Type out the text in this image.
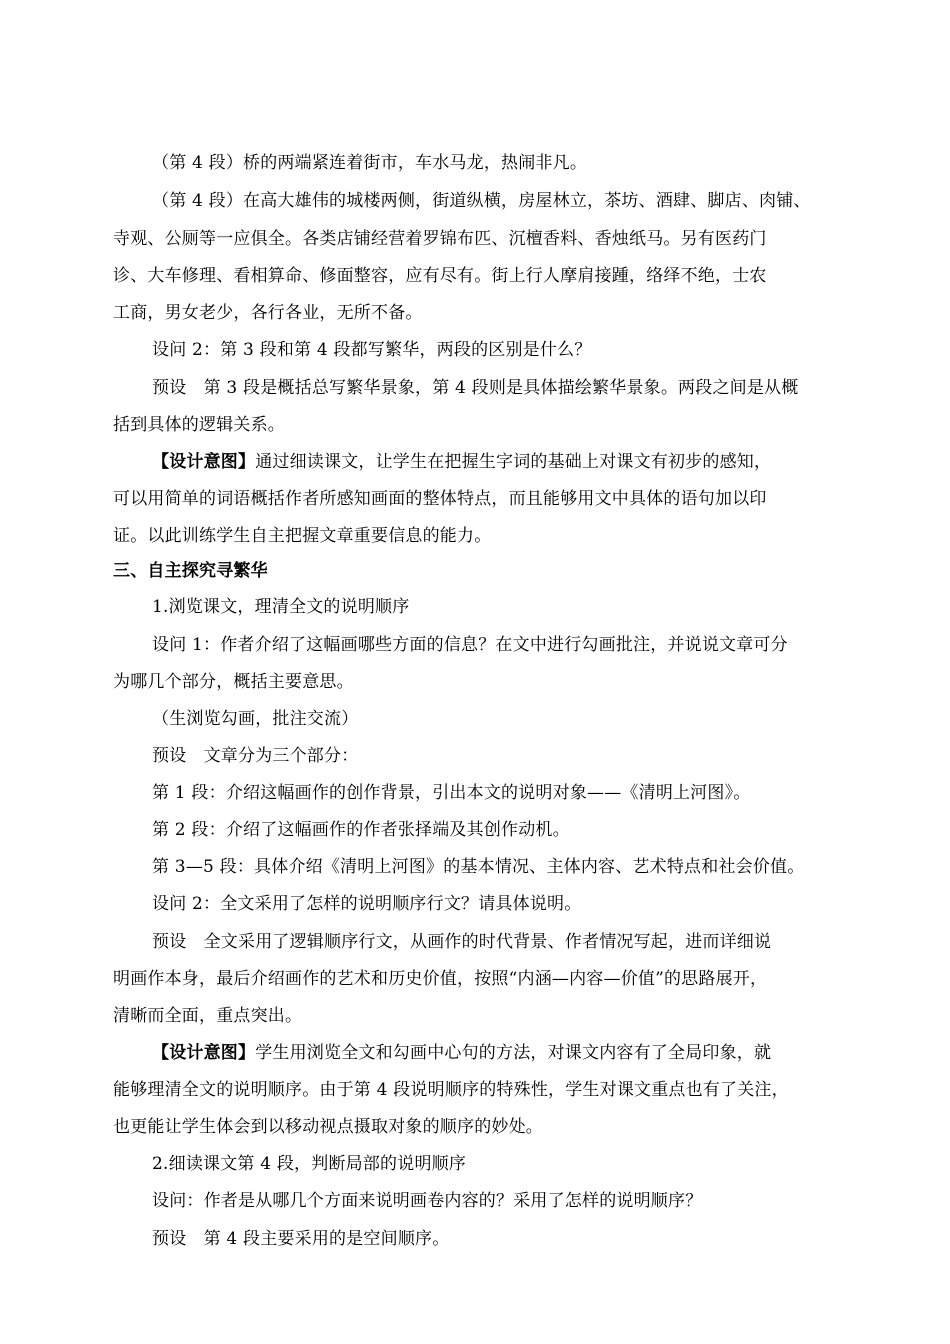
（第 4 段）桥的两端紧连着街市，车水马龙，热闹非凡。
（第 4 段）在高大雄伟的城楼两侧，街道纵横，房屋林立，茶坊、酒肆、脚店、肉铺、
寺观、公厕等一应俱全。各类店铺经营着罗锦布匹、沉檀香料、香烛纸马。另有医药门
诊、大车修理、看相算命、修面整容，应有尽有。街上行人摩肩接踵，络绎不绝，士农
工商，男女老少，各行各业，无所不备。
设问 2：第 3 段和第 4 段都写繁华，两段的区别是什么？
预设　第 3 段是概括总写繁华景象，第 4 段则是具体描绘繁华景象。两段之间是从概
括到具体的逻辑关系。
【设计意图】通过细读课文，让学生在把握生字词的基础上对课文有初步的感知，
可以用简单的词语概括作者所感知画面的整体特点，而且能够用文中具体的语句加以印
证。以此训练学生自主把握文章重要信息的能力。
三、自主探究寻繁华
1.浏览课文，理清全文的说明顺序
设问 1：作者介绍了这幅画哪些方面的信息？在文中进行勾画批注，并说说文章可分
为哪几个部分，概括主要意思。
（生浏览勾画，批注交流）
预设　文章分为三个部分：
第 1 段：介绍这幅画作的创作背景，引出本文的说明对象——《清明上河图》。
第 2 段：介绍了这幅画作的作者张择端及其创作动机。
第 3—5 段：具体介绍《清明上河图》的基本情况、主体内容、艺术特点和社会价值。
设问 2：全文采用了怎样的说明顺序行文？请具体说明。
预设　全文采用了逻辑顺序行文，从画作的时代背景、作者情况写起，进而详细说
明画作本身，最后介绍画作的艺术和历史价值，按照“内涵—内容—价值”的思路展开，
清晰而全面，重点突出。
【设计意图】学生用浏览全文和勾画中心句的方法，对课文内容有了全局印象，就
能够理清全文的说明顺序。由于第 4 段说明顺序的特殊性，学生对课文重点也有了关注，
也更能让学生体会到以移动视点摄取对象的顺序的妙处。
2.细读课文第 4 段，判断局部的说明顺序
设问：作者是从哪几个方面来说明画卷内容的？采用了怎样的说明顺序？
预设　第 4 段主要采用的是空间顺序。
